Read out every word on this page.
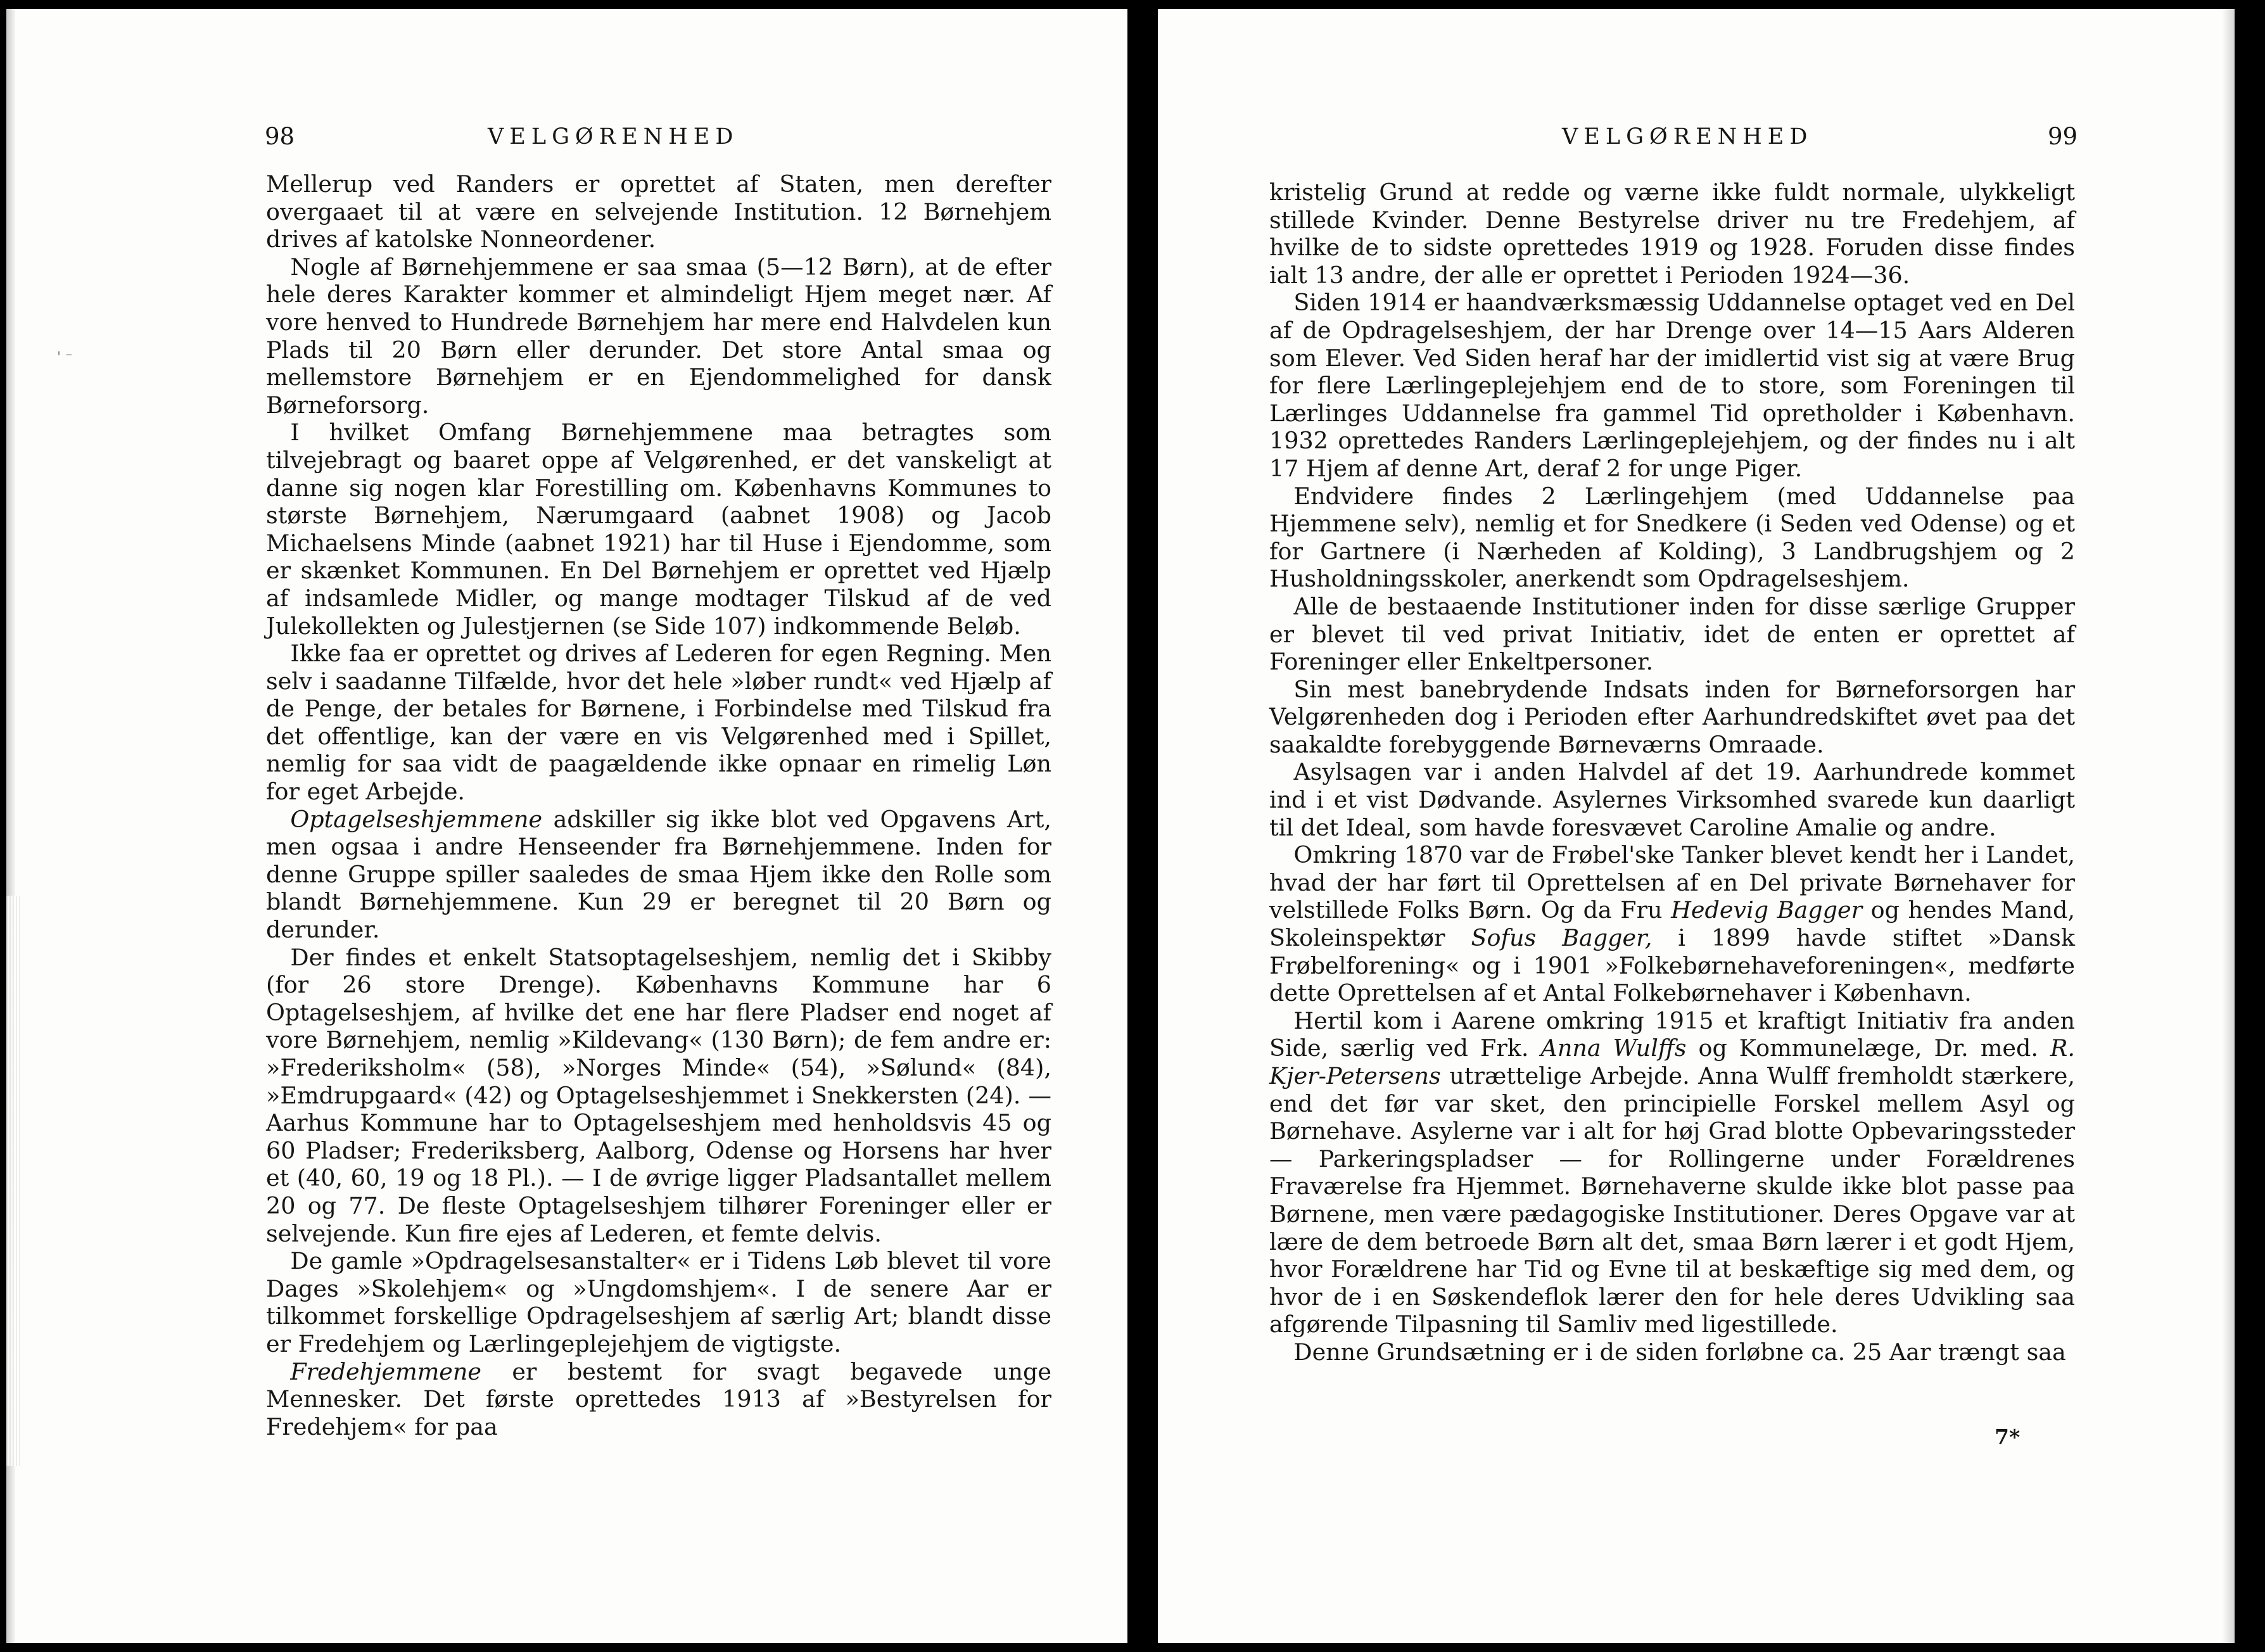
' ⁻
98	VELGØRENHED

Mellerup ved Randers er oprettet af Staten, men derefter overgaaet til at være en selvejende Institution. 12 Børnehjem drives af katolske Nonneordener.

Nogle af Børnehjemmene er saa smaa (5—12 Børn), at de efter hele deres Karakter kommer et almindeligt Hjem meget nær. Af vore henved to Hundrede Børnehjem har mere end Halvdelen kun Plads til 20 Børn eller derunder. Det store Antal smaa og mellemstore Børnehjem er en Ejendommelighed for dansk Børneforsorg.

I hvilket Omfang Børnehjemmene maa betragtes som tilvejebragt og baaret oppe af Velgørenhed, er det vanskeligt at danne sig nogen klar Forestilling om. Københavns Kommunes to største Børnehjem, Nærumgaard (aabnet 1908) og Jacob Michaelsens Minde (aabnet 1921) har til Huse i Ejendomme, som er skænket Kommunen. En Del Børnehjem er oprettet ved Hjælp af indsamlede Midler, og mange modtager Tilskud af de ved Julekollekten og Julestjernen (se Side 107) indkommende Beløb.

Ikke faa er oprettet og drives af Lederen for egen Regning. Men selv i saadanne Tilfælde, hvor det hele »løber rundt« ved Hjælp af de Penge, der betales for Børnene, i Forbindelse med Tilskud fra det offentlige, kan der være en vis Velgørenhed med i Spillet, nemlig for saa vidt de paagældende ikke opnaar en rimelig Løn for eget Arbejde.

Optagelseshjemmene adskiller sig ikke blot ved Opgavens Art, men ogsaa i andre Henseender fra Børnehjemmene. Inden for denne Gruppe spiller saaledes de smaa Hjem ikke den Rolle som blandt Børnehjemmene. Kun 29 er beregnet til 20 Børn og derunder.

Der findes et enkelt Statsoptagelseshjem, nemlig det i Skibby (for 26 store Drenge). Københavns Kommune har 6 Optagelseshjem, af hvilke det ene har flere Pladser end noget af vore Børnehjem, nemlig »Kildevang« (130 Børn); de fem andre er: »Frederiksholm« (58), »Norges Minde« (54), »Sølund« (84), »Emdrupgaard« (42) og Optagelseshjemmet i Snekkersten (24). — Aarhus Kommune har to Optagelseshjem med henholdsvis 45 og 60 Pladser; Frederiksberg, Aalborg, Odense og Horsens har hver et (40, 60, 19 og 18 Pl.). — I de øvrige ligger Pladsantallet mellem 20 og 77. De fleste Optagelseshjem tilhører Foreninger eller er selvejende. Kun fire ejes af Lederen, et femte delvis.

De gamle »Opdragelsesanstalter« er i Tidens Løb blevet til vore Dages »Skolehjem« og »Ungdomshjem«. I de senere Aar er tilkommet forskellige Opdragelseshjem af særlig Art; blandt disse er Fredehjem og Lærlingeplejehjem de vigtigste.

Fredehjemmene er bestemt for svagt begavede unge Mennesker. Det første oprettedes 1913 af »Bestyrelsen for Fredehjem« for paa

VELGØRENHED	99

kristelig Grund at redde og værne ikke fuldt normale, ulykkeligt stillede Kvinder. Denne Bestyrelse driver nu tre Fredehjem, af hvilke de to sidste oprettedes 1919 og 1928. Foruden disse findes ialt 13 andre, der alle er oprettet i Perioden 1924—36.

Siden 1914 er haandværksmæssig Uddannelse optaget ved en Del af de Opdragelseshjem, der har Drenge over 14—15 Aars Alderen som Elever. Ved Siden heraf har der imidlertid vist sig at være Brug for flere Lærlingeplejehjem end de to store, som Foreningen til Lærlinges Uddannelse fra gammel Tid opretholder i København. 1932 oprettedes Randers Lærlingeplejehjem, og der findes nu i alt 17 Hjem af denne Art, deraf 2 for unge Piger.

Endvidere findes 2 Lærlingehjem (med Uddannelse paa Hjemmene selv), nemlig et for Snedkere (i Seden ved Odense) og et for Gartnere (i Nærheden af Kolding), 3 Landbrugshjem og 2 Husholdningsskoler, anerkendt som Opdragelseshjem.

Alle de bestaaende Institutioner inden for disse særlige Grupper er blevet til ved privat Initiativ, idet de enten er oprettet af Foreninger eller Enkeltpersoner.

Sin mest banebrydende Indsats inden for Børneforsorgen har Velgørenheden dog i Perioden efter Aarhundredskiftet øvet paa det saakaldte forebyggende Børneværns Omraade.

Asylsagen var i anden Halvdel af det 19. Aarhundrede kommet ind i et vist Dødvande. Asylernes Virksomhed svarede kun daarligt til det Ideal, som havde foresvævet Caroline Amalie og andre.

Omkring 1870 var de Frøbel'ske Tanker blevet kendt her i Landet, hvad der har ført til Oprettelsen af en Del private Børnehaver for velstillede Folks Børn. Og da Fru Hedevig Bagger og hendes Mand, Skoleinspektør Sofus Bagger, i 1899 havde stiftet »Dansk Frøbelforening« og i 1901 »Folkebørnehaveforeningen«, medførte dette Oprettelsen af et Antal Folkebørnehaver i København.

Hertil kom i Aarene omkring 1915 et kraftigt Initiativ fra anden Side, særlig ved Frk. Anna Wulffs og Kommunelæge, Dr. med. R. Kjer-Petersens utrættelige Arbejde. Anna Wulff fremholdt stærkere, end det før var sket, den principielle Forskel mellem Asyl og Børnehave. Asylerne var i alt for høj Grad blotte Opbevaringssteder — Parkeringspladser — for Rollingerne under Forældrenes Fraværelse fra Hjemmet. Børnehaverne skulde ikke blot passe paa Børnene, men være pædagogiske Institutioner. Deres Opgave var at lære de dem betroede Børn alt det, smaa Børn lærer i et godt Hjem, hvor Forældrene har Tid og Evne til at beskæftige sig med dem, og hvor de i en Søskendeflok lærer den for hele deres Udvikling saa afgørende Tilpasning til Samliv med ligestillede.

Denne Grundsætning er i de siden forløbne ca. 25 Aar trængt saa

7*
